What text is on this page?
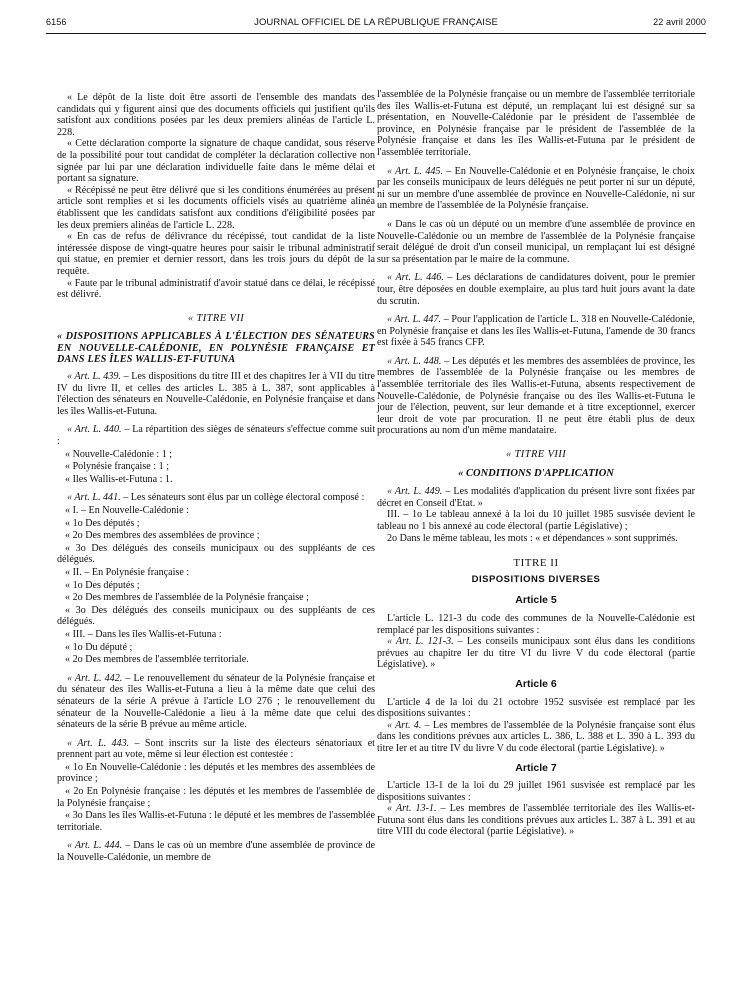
6156	JOURNAL OFFICIEL DE LA RÉPUBLIQUE FRANÇAISE	22 avril 2000

« Le dépôt de la liste doit être assorti de l'ensemble des mandats des candidats qui y figurent ainsi que des documents officiels qui justifient qu'ils satisfont aux conditions posées par les deux premiers alinéas de l'article L. 228.

« Cette déclaration comporte la signature de chaque candidat, sous réserve de la possibilité pour tout candidat de compléter la déclaration collective non signée par lui par une déclaration individuelle faite dans le même délai et portant sa signature.

« Récépissé ne peut être délivré que si les conditions énumérées au présent article sont remplies et si les documents officiels visés au quatrième alinéa établissent que les candidats satisfont aux conditions d'éligibilité posées par les deux premiers alinéas de l'article L. 228.

« En cas de refus de délivrance du récépissé, tout candidat de la liste intéressée dispose de vingt-quatre heures pour saisir le tribunal administratif qui statue, en premier et dernier ressort, dans les trois jours du dépôt de la requête.

« Faute par le tribunal administratif d'avoir statué dans ce délai, le récépissé est délivré.

« TITRE VII

« DISPOSITIONS APPLICABLES À L'ÉLECTION DES SÉNATEURS EN NOUVELLE-CALÉDONIE, EN POLYNÉSIE FRANÇAISE ET DANS LES ÎLES WALLIS-ET-FUTUNA

« Art. L. 439. – Les dispositions du titre III et des chapitres Ier à VII du titre IV du livre II, et celles des articles L. 385 à L. 387, sont applicables à l'élection des sénateurs en Nouvelle-Calédonie, en Polynésie française et dans les îles Wallis-et-Futuna.

« Art. L. 440. – La répartition des sièges de sénateurs s'effectue comme suit :

« Nouvelle-Calédonie : 1 ;

« Polynésie française : 1 ;

« Iles Wallis-et-Futuna : 1.

« Art. L. 441. – Les sénateurs sont élus par un collège électoral composé :

« I. – En Nouvelle-Calédonie :

« 1o Des députés ;

« 2o Des membres des assemblées de province ;

« 3o Des délégués des conseils municipaux ou des suppléants de ces délégués.

« II. – En Polynésie française :

« 1o Des députés ;

« 2o Des membres de l'assemblée de la Polynésie française ;

« 3o Des délégués des conseils municipaux ou des suppléants de ces délégués.

« III. – Dans les îles Wallis-et-Futuna :

« 1o Du député ;

« 2o Des membres de l'assemblée territoriale.

« Art. L. 442. – Le renouvellement du sénateur de la Polynésie française et du sénateur des îles Wallis-et-Futuna a lieu à la même date que celui des sénateurs de la série A prévue à l'article LO 276 ; le renouvellement du sénateur de la Nouvelle-Calédonie a lieu à la même date que celui des sénateurs de la série B prévue au même article.

« Art. L. 443. – Sont inscrits sur la liste des électeurs sénatoriaux et prennent part au vote, même si leur élection est contestée :

« 1o En Nouvelle-Calédonie : les députés et les membres des assemblées de province ;

« 2o En Polynésie française : les députés et les membres de l'assemblée de la Polynésie française ;

« 3o Dans les îles Wallis-et-Futuna : le député et les membres de l'assemblée territoriale.

« Art. L. 444. – Dans le cas où un membre d'une assemblée de province de la Nouvelle-Calédonie, un membre de

l'assemblée de la Polynésie française ou un membre de l'assemblée territoriale des îles Wallis-et-Futuna est député, un remplaçant lui est désigné sur sa présentation, en Nouvelle-Calédonie par le président de l'assemblée de province, en Polynésie française par le président de l'assemblée de la Polynésie française et dans les îles Wallis-et-Futuna par le président de l'assemblée territoriale.

« Art. L. 445. – En Nouvelle-Calédonie et en Polynésie française, le choix par les conseils municipaux de leurs délégués ne peut porter ni sur un député, ni sur un membre d'une assemblée de province en Nouvelle-Calédonie, ni sur un membre de l'assemblée de la Polynésie française.

« Dans le cas où un député ou un membre d'une assemblée de province en Nouvelle-Calédonie ou un membre de l'assemblée de la Polynésie française serait délégué de droit d'un conseil municipal, un remplaçant lui est désigné sur sa présentation par le maire de la commune.

« Art. L. 446. – Les déclarations de candidatures doivent, pour le premier tour, être déposées en double exemplaire, au plus tard huit jours avant la date du scrutin.

« Art. L. 447. – Pour l'application de l'article L. 318 en Nouvelle-Calédonie, en Polynésie française et dans les îles Wallis-et-Futuna, l'amende de 30 francs est fixée à 545 francs CFP.

« Art. L. 448. – Les députés et les membres des assemblées de province, les membres de l'assemblée de la Polynésie française ou les membres de l'assemblée territoriale des îles Wallis-et-Futuna, absents respectivement de Nouvelle-Calédonie, de Polynésie française ou des îles Wallis-et-Futuna le jour de l'élection, peuvent, sur leur demande et à titre exceptionnel, exercer leur droit de vote par procuration. Il ne peut être établi plus de deux procurations au nom d'un même mandataire.

« TITRE VIII

« CONDITIONS D'APPLICATION

« Art. L. 449. – Les modalités d'application du présent livre sont fixées par décret en Conseil d'Etat. »

III. – 1o Le tableau annexé à la loi du 10 juillet 1985 susvisée devient le tableau no 1 bis annexé au code électoral (partie Législative) ;

2o Dans le même tableau, les mots : « et dépendances » sont supprimés.

TITRE II

DISPOSITIONS DIVERSES

Article 5

L'article L. 121-3 du code des communes de la Nouvelle-Calédonie est remplacé par les dispositions suivantes :

« Art. L. 121-3. – Les conseils municipaux sont élus dans les conditions prévues au chapitre Ier du titre VI du livre V du code électoral (partie Législative). »

Article 6

L'article 4 de la loi du 21 octobre 1952 susvisée est remplacé par les dispositions suivantes :

« Art. 4. – Les membres de l'assemblée de la Polynésie française sont élus dans les conditions prévues aux articles L. 386, L. 388 et L. 390 à L. 393 du titre Ier et au titre IV du livre V du code électoral (partie Législative). »

Article 7

L'article 13-1 de la loi du 29 juillet 1961 susvisée est remplacé par les dispositions suivantes :

« Art. 13-1. – Les membres de l'assemblée territoriale des îles Wallis-et-Futuna sont élus dans les conditions prévues aux articles L. 387 à L. 391 et au titre VIII du code électoral (partie Législative). »
